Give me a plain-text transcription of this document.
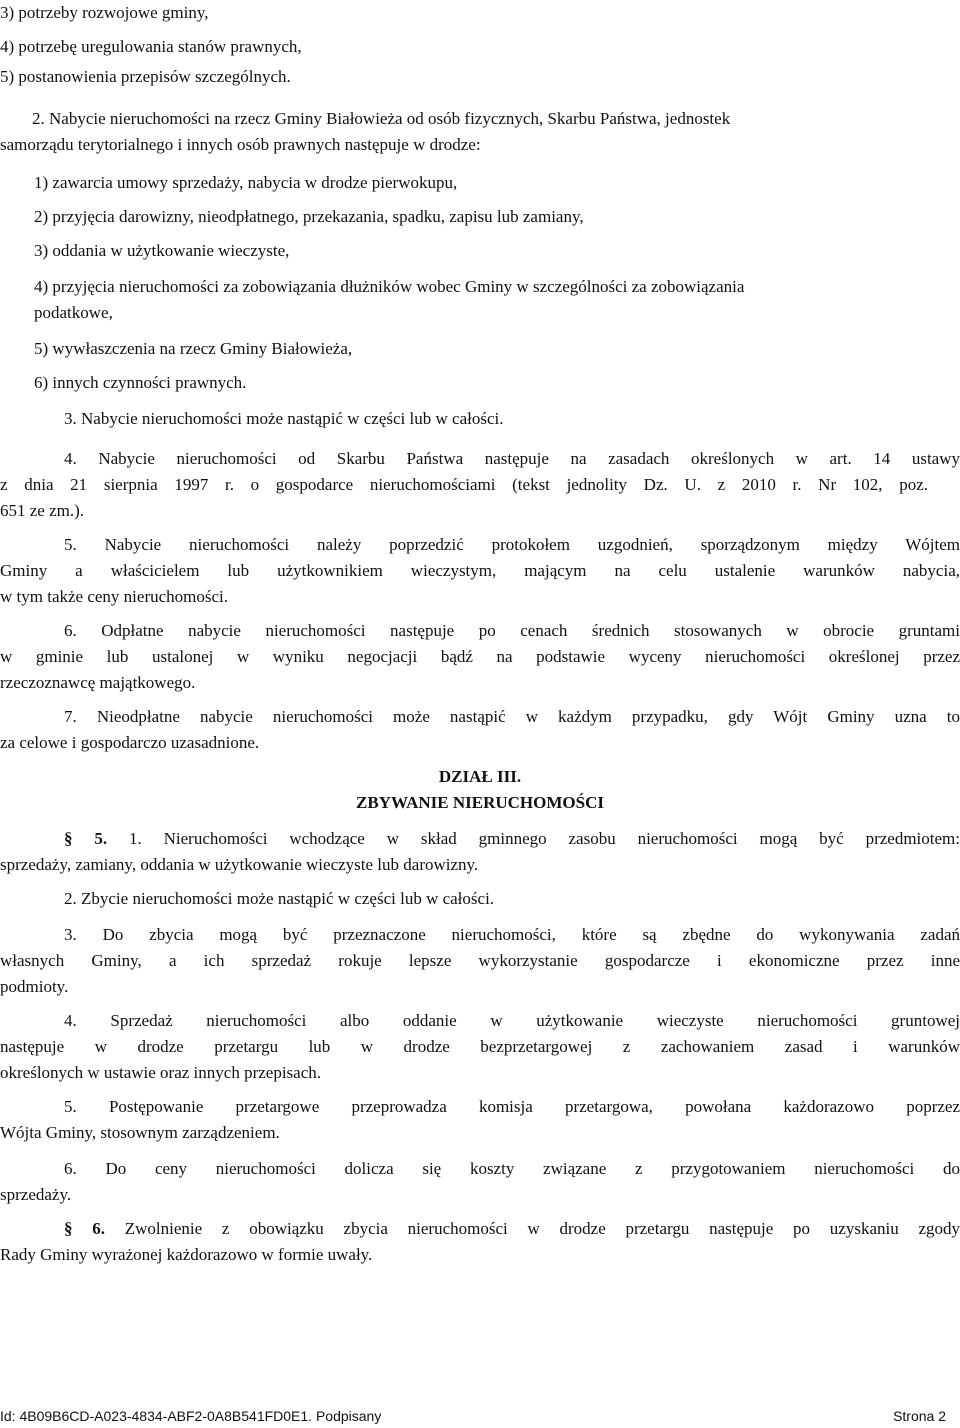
3) potrzeby rozwojowe gminy,
4) potrzebę uregulowania stanów prawnych,
5) postanowienia przepisów szczególnych.
2. Nabycie nieruchomości na rzecz Gminy Białowieża od osób fizycznych, Skarbu Państwa, jednostek
samorządu terytorialnego i innych osób prawnych następuje w drodze:
1) zawarcia umowy sprzedaży, nabycia w drodze pierwokupu,
2) przyjęcia darowizny, nieodpłatnego, przekazania, spadku, zapisu lub zamiany,
3) oddania w użytkowanie wieczyste,
4) przyjęcia nieruchomości za zobowiązania dłużników wobec Gminy w szczególności za zobowiązania
podatkowe,
5) wywłaszczenia na rzecz Gminy Białowieża,
6) innych czynności prawnych.
3. Nabycie nieruchomości może nastąpić w części lub w całości.
4. Nabycie nieruchomości od Skarbu Państwa następuje na zasadach określonych w art. 14 ustawy
z dnia 21 sierpnia 1997 r. o gospodarce nieruchomościami (tekst jednolity Dz. U. z 2010 r. Nr 102, poz.
651 ze zm.).
5. Nabycie nieruchomości należy poprzedzić protokołem uzgodnień, sporządzonym między Wójtem
Gminy a właścicielem lub użytkownikiem wieczystym, mającym na celu ustalenie warunków nabycia,
w tym także ceny nieruchomości.
6. Odpłatne nabycie nieruchomości następuje po cenach średnich stosowanych w obrocie gruntami
w gminie lub ustalonej w wyniku negocjacji bądź na podstawie wyceny nieruchomości określonej przez
rzeczoznawcę majątkowego.
7. Nieodpłatne nabycie nieruchomości może nastąpić w każdym przypadku, gdy Wójt Gminy uzna to
za celowe i gospodarczo uzasadnione.
DZIAŁ III.
ZBYWANIE NIERUCHOMOŚCI
§ 5. 1. Nieruchomości wchodzące w skład gminnego zasobu nieruchomości mogą być przedmiotem:
sprzedaży, zamiany, oddania w użytkowanie wieczyste lub darowizny.
2. Zbycie nieruchomości może nastąpić w części lub w całości.
3. Do zbycia mogą być przeznaczone nieruchomości, które są zbędne do wykonywania zadań
własnych Gminy, a ich sprzedaż rokuje lepsze wykorzystanie gospodarcze i ekonomiczne przez inne
podmioty.
4. Sprzedaż nieruchomości albo oddanie w użytkowanie wieczyste nieruchomości gruntowej
następuje w drodze przetargu lub w drodze bezprzetargowej z zachowaniem zasad i warunków
określonych w ustawie oraz innych przepisach.
5. Postępowanie przetargowe przeprowadza komisja przetargowa, powołana każdorazowo poprzez
Wójta Gminy, stosownym zarządzeniem.
6. Do ceny nieruchomości dolicza się koszty związane z przygotowaniem nieruchomości do
sprzedaży.
§ 6. Zwolnienie z obowiązku zbycia nieruchomości w drodze przetargu następuje po uzyskaniu zgody
Rady Gminy wyrażonej każdorazowo w formie uwały.
Id: 4B09B6CD-A023-4834-ABF2-0A8B541FD0E1. Podpisany	Strona 2
